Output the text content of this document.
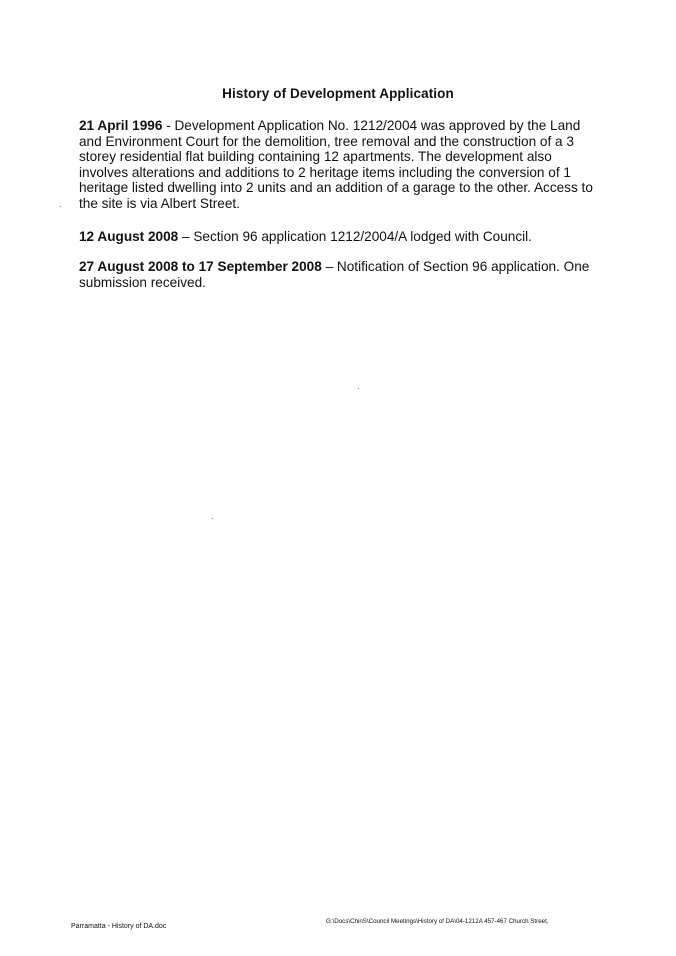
History of Development Application
21 April 1996 - Development Application No. 1212/2004 was approved by the Land and Environment Court for the demolition, tree removal and the construction of a 3 storey residential flat building containing 12 apartments. The development also involves alterations and additions to 2 heritage items including the conversion of 1 heritage listed dwelling into 2 units and an addition of a garage to the other. Access to the site is via Albert Street.
12 August 2008 – Section 96 application 1212/2004/A lodged with Council.
27 August 2008 to 17 September 2008 – Notification of Section 96 application. One submission received.
Parramatta - History of DA.doc
G:\Docs\ChinS\Council Meetings\History of DA\04-1212A 457-467 Church Street,
